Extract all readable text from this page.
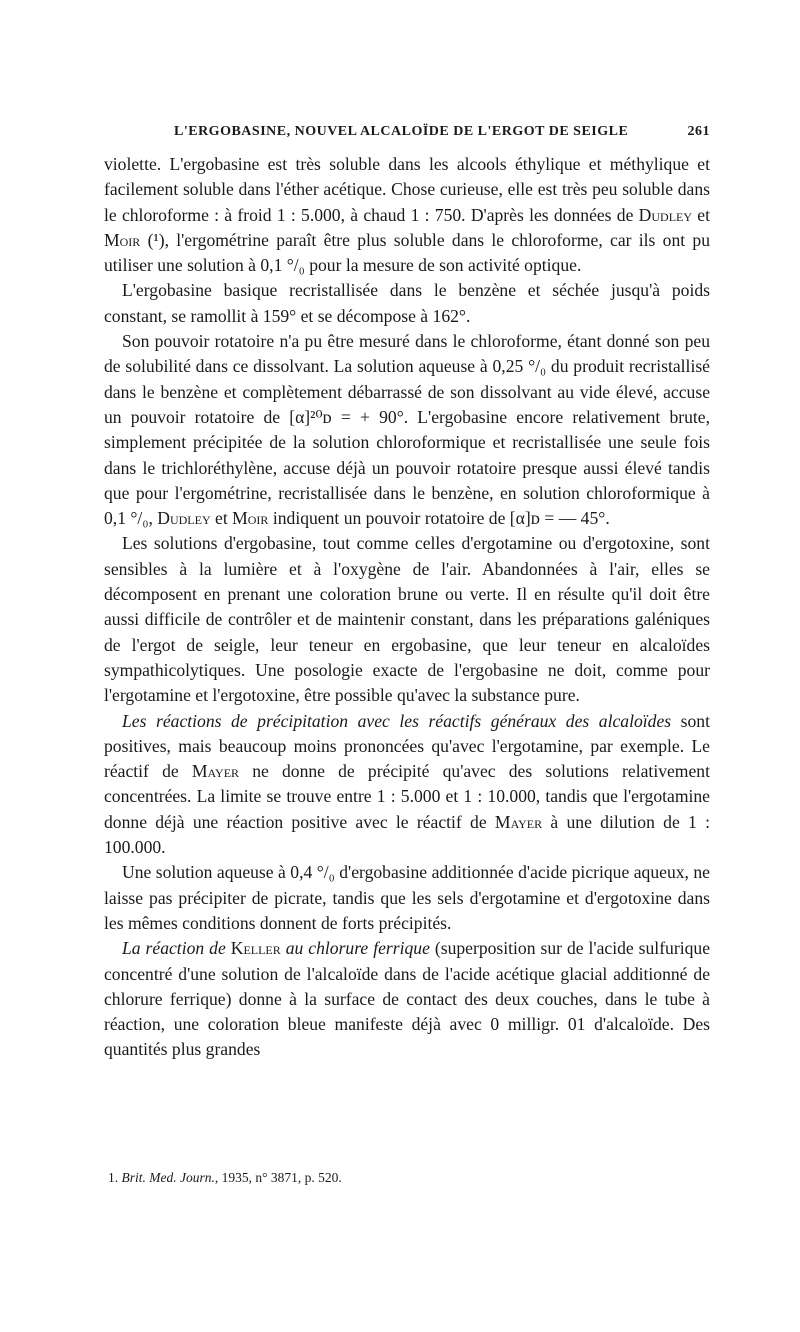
L'ERGOBASINE, NOUVEL ALCALOÏDE DE L'ERGOT DE SEIGLE	261

violette. L'ergobasine est très soluble dans les alcools éthylique et méthylique et facilement soluble dans l'éther acétique. Chose curieuse, elle est très peu soluble dans le chloroforme : à froid 1 : 5.000, à chaud 1 : 750. D'après les données de Dudley et Moir (¹), l'ergométrine paraît être plus soluble dans le chloroforme, car ils ont pu utiliser une solution à 0,1 °/₀ pour la mesure de son activité optique.

L'ergobasine basique recristallisée dans le benzène et séchée jusqu'à poids constant, se ramollit à 159° et se décompose à 162°.

Son pouvoir rotatoire n'a pu être mesuré dans le chloroforme, étant donné son peu de solubilité dans ce dissolvant. La solution aqueuse à 0,25 °/₀ du produit recristallisé dans le benzène et complètement débarrassé de son dissolvant au vide élevé, accuse un pouvoir rotatoire de [α]²⁰ᴅ = + 90°. L'ergobasine encore relativement brute, simplement précipitée de la solution chloroformique et recristallisée une seule fois dans le trichloréthylène, accuse déjà un pouvoir rotatoire presque aussi élevé tandis que pour l'ergométrine, recristallisée dans le benzène, en solution chloroformique à 0,1 °/₀, Dudley et Moir indiquent un pouvoir rotatoire de [α]ᴅ = — 45°.

Les solutions d'ergobasine, tout comme celles d'ergotamine ou d'ergotoxine, sont sensibles à la lumière et à l'oxygène de l'air. Abandonnées à l'air, elles se décomposent en prenant une coloration brune ou verte. Il en résulte qu'il doit être aussi difficile de contrôler et de maintenir constant, dans les préparations galéniques de l'ergot de seigle, leur teneur en ergobasine, que leur teneur en alcaloïdes sympathicolytiques. Une posologie exacte de l'ergobasine ne doit, comme pour l'ergotamine et l'ergotoxine, être possible qu'avec la substance pure.

Les réactions de précipitation avec les réactifs généraux des alcaloïdes sont positives, mais beaucoup moins prononcées qu'avec l'ergotamine, par exemple. Le réactif de Mayer ne donne de précipité qu'avec des solutions relativement concentrées. La limite se trouve entre 1 : 5.000 et 1 : 10.000, tandis que l'ergotamine donne déjà une réaction positive avec le réactif de Mayer à une dilution de 1 : 100.000.

Une solution aqueuse à 0,4 °/₀ d'ergobasine additionnée d'acide picrique aqueux, ne laisse pas précipiter de picrate, tandis que les sels d'ergotamine et d'ergotoxine dans les mêmes conditions donnent de forts précipités.

La réaction de Keller au chlorure ferrique (superposition sur de l'acide sulfurique concentré d'une solution de l'alcaloïde dans de l'acide acétique glacial additionné de chlorure ferrique) donne à la surface de contact des deux couches, dans le tube à réaction, une coloration bleue manifeste déjà avec 0 milligr. 01 d'alcaloïde. Des quantités plus grandes

1. Brit. Med. Journ., 1935, n° 3871, p. 520.
